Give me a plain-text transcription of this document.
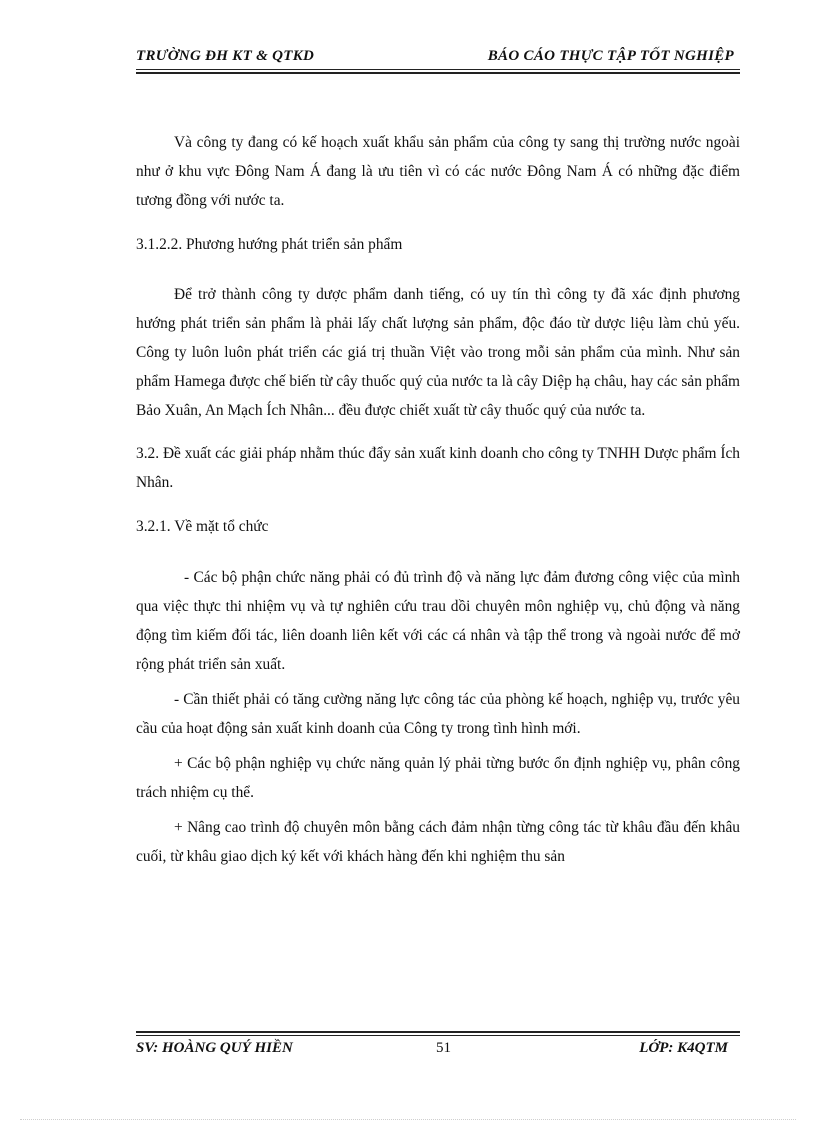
TRƯỜNG ĐH KT & QTKD	BÁO CÁO THỰC TẬP TỐT NGHIỆP

Và công ty đang có kế hoạch xuất khẩu sản phẩm của công ty sang thị trường nước ngoài như ở khu vực Đông Nam Á đang là ưu tiên vì có các nước Đông Nam Á có những đặc điểm tương đồng với nước ta.

3.1.2.2. Phương hướng phát triển sản phẩm

Để trở thành công ty dược phẩm danh tiếng, có uy tín thì công ty đã xác định phương hướng phát triển sản phẩm là phải lấy chất lượng sản phẩm, độc đáo từ dược liệu làm chủ yếu. Công ty luôn luôn phát triển các giá trị thuần Việt vào trong mỗi sản phẩm của mình. Như sản phẩm Hamega được chế biến từ cây thuốc quý của nước ta là cây Diệp hạ châu, hay các sản phẩm Bảo Xuân, An Mạch Ích Nhân... đều được chiết xuất từ cây thuốc quý của nước ta.

3.2. Đề xuất các giải pháp nhằm thúc đẩy sản xuất kinh doanh cho công ty TNHH Dược phẩm Ích Nhân.

3.2.1. Về mặt tổ chức

- Các bộ phận chức năng phải có đủ trình độ và năng lực đảm đương công việc của mình qua việc thực thi nhiệm vụ và tự nghiên cứu trau dồi chuyên môn nghiệp vụ, chủ động và năng động tìm kiếm đối tác, liên doanh liên kết với các cá nhân và tập thể trong và ngoài nước để mở rộng phát triển sản xuất.

- Cần thiết phải có tăng cường năng lực công tác của phòng kế hoạch, nghiệp vụ, trước yêu cầu của hoạt động sản xuất kinh doanh của Công ty trong tình hình mới.

+ Các bộ phận nghiệp vụ chức năng quản lý phải từng bước ổn định nghiệp vụ, phân công trách nhiệm cụ thể.

+ Nâng cao trình độ chuyên môn bằng cách đảm nhận từng công tác từ khâu đầu đến khâu cuối, từ khâu giao dịch ký kết với khách hàng đến khi nghiệm thu sản

SV: HOÀNG QUÝ HIỀN	51	LỚP: K4QTM
